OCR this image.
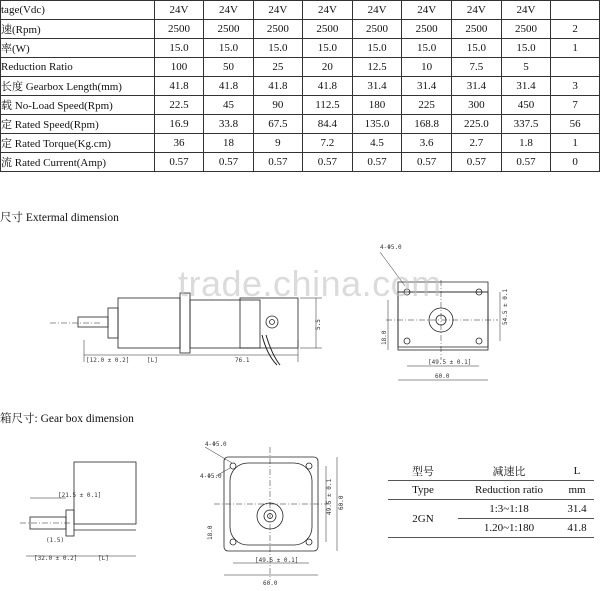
tage(Vdc)	24V	24V	24V	24V	24V	24V	24V	24V	
速(Rpm)	2500	2500	2500	2500	2500	2500	2500	2500	2
率(W)	15.0	15.0	15.0	15.0	15.0	15.0	15.0	15.0	1
Reduction Ratio	100	50	25	20	12.5	10	7.5	5	
长度 Gearbox Length(mm)	41.8	41.8	41.8	41.8	31.4	31.4	31.4	31.4	3
载 No-Load Speed(Rpm)	22.5	45	90	112.5	180	225	300	450	7
定 Rated Speed(Rpm)	16.9	33.8	67.5	84.4	135.0	168.8	225.0	337.5	56
定 Rated Torque(Kg.cm)	36	18	9	7.2	4.5	3.6	2.7	1.8	1
流 Rated Current(Amp)	0.57	0.57	0.57	0.57	0.57	0.57	0.57	0.57	0
尺寸 Extermal dimension
箱尺寸: Gear box dimension
[12.0 ± 0.2]	[L]	76.1
5.5
4-Φ5.0
[49.5 ± 0.1]
60.0
54.5 ± 0.1
18.0
[21.5 ± 0.1]
[32.0 ± 0.2]	[L]
(1.5)
4-Φ5.0
4-Φ5.0
[49.5 ± 0.1]
60.0
49.5 ± 0.1 60.0
18.0
trade.china.com
型号	减速比	L
Type	Reduction ratio	mm
2GN	1:3~1:18	31.4
	1.20~1:180	41.8
